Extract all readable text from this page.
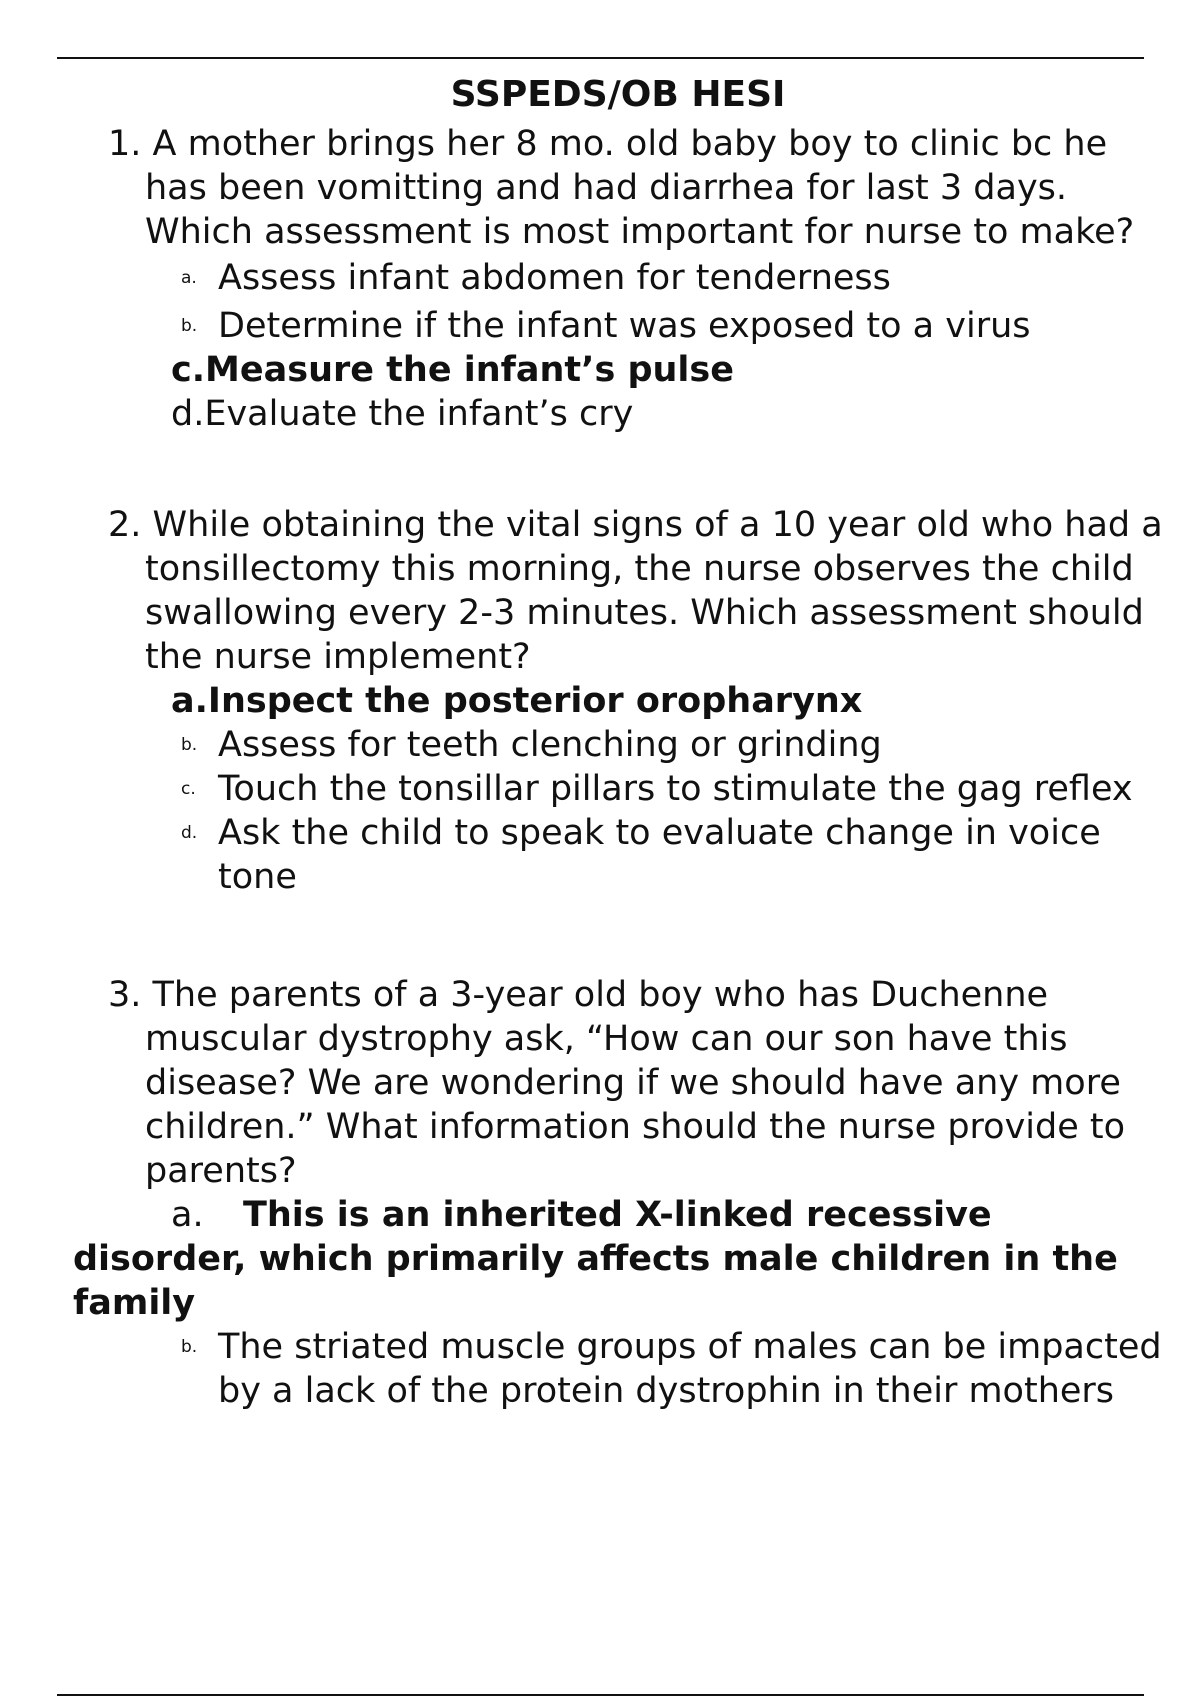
SSPEDS/OB HESI

1. A mother brings her 8 mo. old baby boy to clinic bc he has been vomitting and had diarrhea for last 3 days. Which assessment is most important for nurse to make?

a. Assess infant abdomen for tenderness
b. Determine if the infant was exposed to a virus
c.Measure the infant’s pulse
d.Evaluate the infant’s cry

2. While obtaining the vital signs of a 10 year old who had a tonsillectomy this morning, the nurse observes the child swallowing every 2-3 minutes. Which assessment should the nurse implement?

a.Inspect the posterior oropharynx
b. Assess for teeth clenching or grinding
c. Touch the tonsillar pillars to stimulate the gag reflex
d. Ask the child to speak to evaluate change in voice tone

3. The parents of a 3-year old boy who has Duchenne muscular dystrophy ask, “How can our son have this disease? We are wondering if we should have any more children.” What information should the nurse provide to parents?

a. This is an inherited X-linked recessive disorder, which primarily affects male children in the family
b. The striated muscle groups of males can be impacted by a lack of the protein dystrophin in their mothers
